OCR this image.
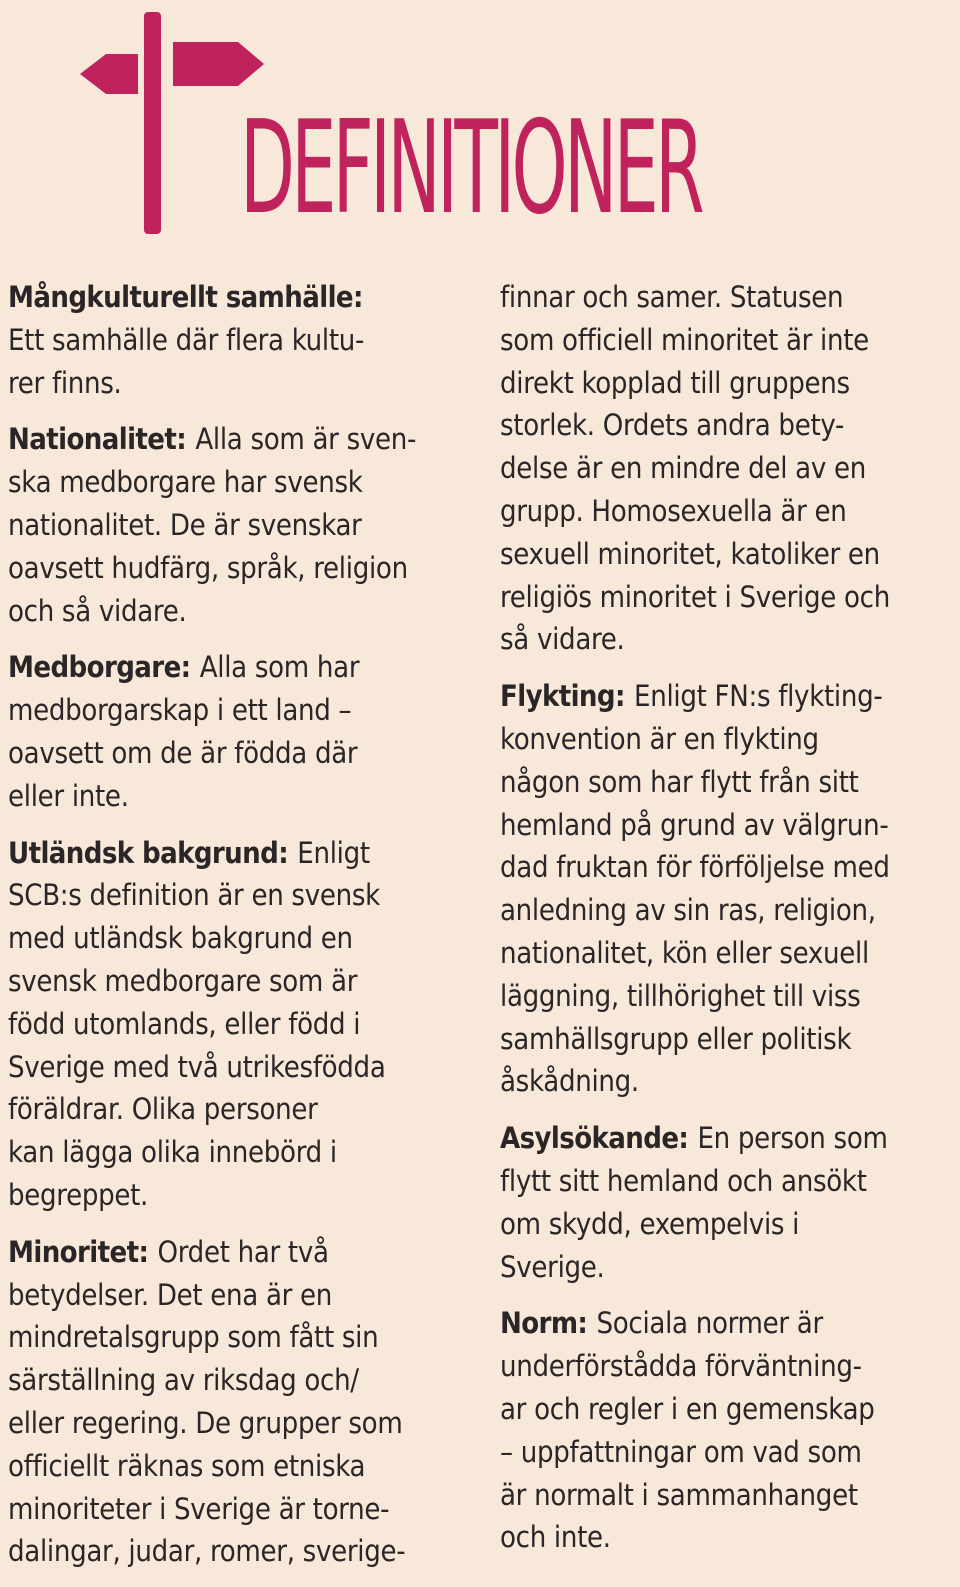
DEFINITIONER
Mångkulturellt samhälle:
Ett samhälle där flera kultu-
rer finns.
Nationalitet: Alla som är sven-
ska medborgare har svensk
nationalitet. De är svenskar
oavsett hudfärg, språk, religion
och så vidare.
Medborgare: Alla som har
medborgarskap i ett land –
oavsett om de är födda där
eller inte.
Utländsk bakgrund: Enligt
SCB:s definition är en svensk
med utländsk bakgrund en
svensk medborgare som är
född utomlands, eller född i
Sverige med två utrikesfödda
föräldrar. Olika personer
kan lägga olika innebörd i
begreppet.
Minoritet: Ordet har två
betydelser. Det ena är en
mindretalsgrupp som fått sin
särställning av riksdag och/
eller regering. De grupper som
officiellt räknas som etniska
minoriteter i Sverige är torne-
dalingar, judar, romer, sverige-
finnar och samer. Statusen
som officiell minoritet är inte
direkt kopplad till gruppens
storlek. Ordets andra bety-
delse är en mindre del av en
grupp. Homosexuella är en
sexuell minoritet, katoliker en
religiös minoritet i Sverige och
så vidare.
Flykting: Enligt FN:s flykting-
konvention är en flykting
någon som har flytt från sitt
hemland på grund av välgrun-
dad fruktan för förföljelse med
anledning av sin ras, religion,
nationalitet, kön eller sexuell
läggning, tillhörighet till viss
samhällsgrupp eller politisk
åskådning.
Asylsökande: En person som
flytt sitt hemland och ansökt
om skydd, exempelvis i
Sverige.
Norm: Sociala normer är
underförstådda förväntning-
ar och regler i en gemenskap
– uppfattningar om vad som
är normalt i sammanhanget
och inte.
